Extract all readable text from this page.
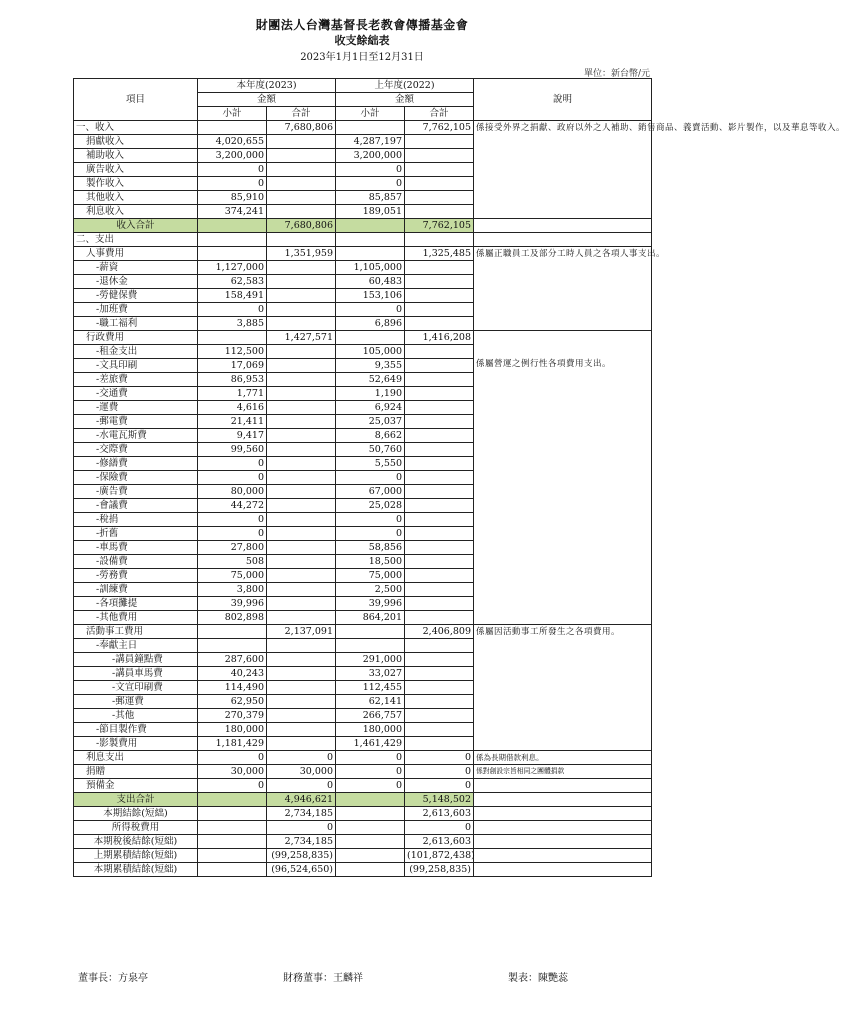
財團法人台灣基督長老教會傳播基金會
收支餘絀表
2023年1月1日至12月31日
單位：新台幣/元
項目	本年度(2023)		上年度(2022)		說明
	金額		金額		
	小計	合計	小計	合計	
一、收入		7,680,806		7,762,105	係接受外界之捐獻、政府以外之人補助、銷售商品、義賣活動、影片製作，以及華息等收入。
捐獻收入	4,020,655		4,287,197		
補助收入	3,200,000		3,200,000		
廣告收入	0		0		
製作收入	0		0		
其他收入	85,910		85,857		
利息收入	374,241		189,051		
收入合計		7,680,806		7,762,105	
二、支出					
人事費用		1,351,959		1,325,485	係屬正職員工及部分工時人員之各項人事支出。
-薪資	1,127,000		1,105,000		
-退休金	62,583		60,483		
-勞健保費	158,491		153,106		
-加班費	0		0		
-職工福利	3,885		6,896		
行政費用		1,427,571		1,416,208	係屬營運之例行性各項費用支出。
-租金支出	112,500		105,000		
-文具印刷	17,069		9,355		
-差旅費	86,953		52,649		
-交通費	1,771		1,190		
-運費	4,616		6,924		
-郵電費	21,411		25,037		
-水電瓦斯費	9,417		8,662		
-交際費	99,560		50,760		
-修繕費	0		5,550		
-保險費	0		0		
-廣告費	80,000		67,000		
-會議費	44,272		25,028		
-稅捐	0		0		
-折舊	0		0		
-車馬費	27,800		58,856		
-設備費	508		18,500		
-勞務費	75,000		75,000		
-訓練費	3,800		2,500		
-各項攤提	39,996		39,996		
-其他費用	802,898		864,201		
活動事工費用		2,137,091		2,406,809	係屬因活動事工所發生之各項費用。
-奉獻主日					
-講員鐘點費	287,600		291,000		
-講員車馬費	40,243		33,027		
-文宣印刷費	114,490		112,455		
-郵運費	62,950		62,141		
-其他	270,379		266,757		
-節目製作費	180,000		180,000		
-影製費用	1,181,429		1,461,429		
利息支出	0	0	0	0	係為長期借款利息。
捐贈	30,000	30,000	0	0	係對創設宗旨相同之團體捐款
預備金	0	0	0	0	
支出合計		4,946,621		5,148,502	
本期結餘(短絀)		2,734,185		2,613,603	
所得稅費用		0		0	
本期稅後結餘(短絀)		2,734,185		2,613,603	
上期累積結餘(短絀)		(99,258,835)		(101,872,438)	
本期累積結餘(短絀)		(96,524,650)		(99,258,835)	
董事長：方泉亭	財務董事：王麟祥	製表：陳艷蕊
